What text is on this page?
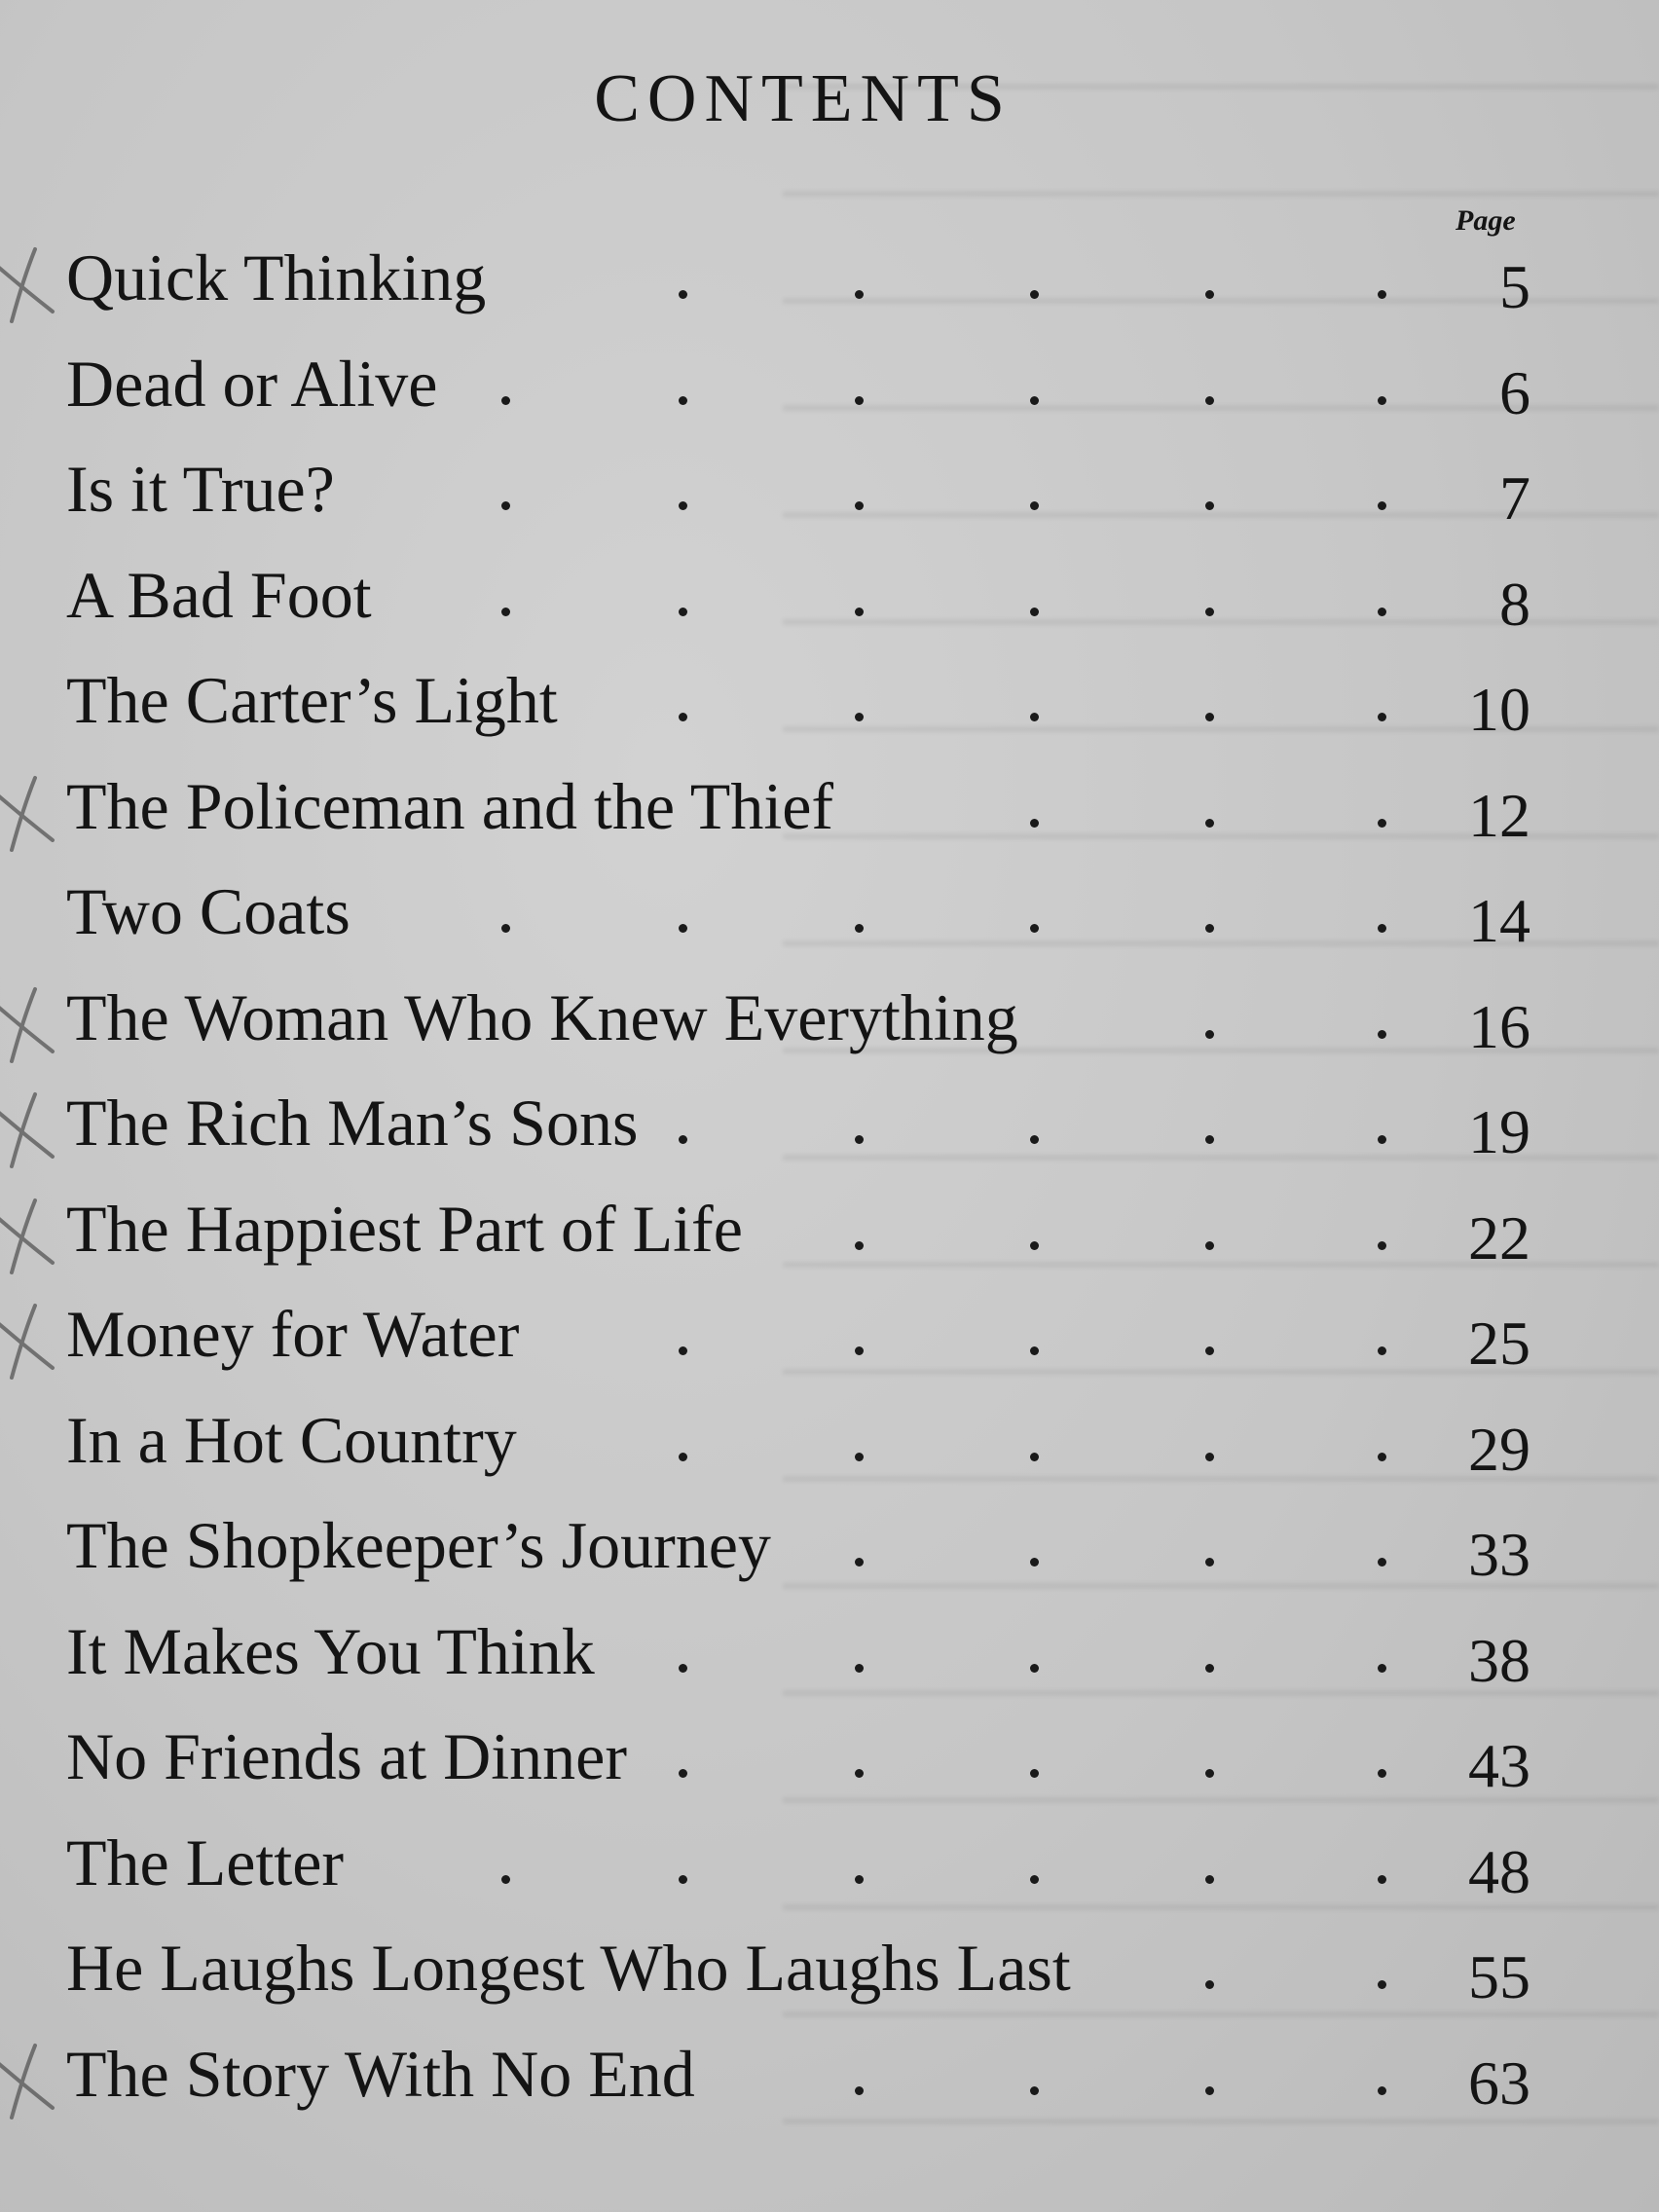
CONTENTS
Page
Quick Thinking	5
Dead or Alive	6
Is it True?	7
A Bad Foot	8
The Carter’s Light	10
The Policeman and the Thief	12
Two Coats	14
The Woman Who Knew Everything	16
The Rich Man’s Sons	19
The Happiest Part of Life	22
Money for Water	25
In a Hot Country	29
The Shopkeeper’s Journey	33
It Makes You Think	38
No Friends at Dinner	43
The Letter	48
He Laughs Longest Who Laughs Last	55
The Story With No End	63
